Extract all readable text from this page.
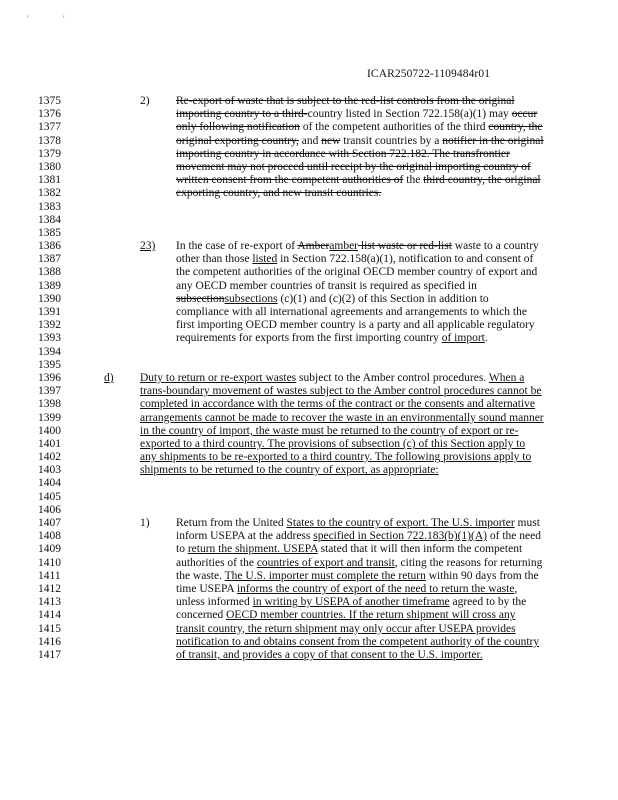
'	'
ICAR250722-1109484r01
1375
1376
1377
1378
1379
1380
1381
1382
1383
1384
1385
1386
1387
1388
1389
1390
1391
1392
1393
1394
1395
1396
1397
1398
1399
1400
1401
1402
1403
1404
1405
1406
1407
1408
1409
1410
1411
1412
1413
1414
1415
1416
1417
2) Re-export of waste that is subject to the red-list controls from the original importing country to a third-country listed in Section 722.158(a)(1) may occur only following notification of the competent authorities of the third country, the original exporting country, and new transit countries by a notifier in the original importing country in accordance with Section 722.182. The transfrontier movement may not proceed until receipt by the original importing country of written consent from the competent authorities of the third country, the original exporting country, and new transit countries.
23) In the case of re-export of Amberamber list waste or red-list waste to a country other than those listed in Section 722.158(a)(1), notification to and consent of the competent authorities of the original OECD member country of export and any OECD member countries of transit is required as specified in subsectionsubsections (c)(1) and (c)(2) of this Section in addition to compliance with all international agreements and arrangements to which the first importing OECD member country is a party and all applicable regulatory requirements for exports from the first importing country of import.
d) Duty to return or re-export wastes subject to the Amber control procedures. When a trans-boundary movement of wastes subject to the Amber control procedures cannot be completed in accordance with the terms of the contract or the consents and alternative arrangements cannot be made to recover the waste in an environmentally sound manner in the country of import, the waste must be returned to the country of export or re-exported to a third country. The provisions of subsection (c) of this Section apply to any shipments to be re-exported to a third country. The following provisions apply to shipments to be returned to the country of export, as appropriate:
1) Return from the United States to the country of export. The U.S. importer must inform USEPA at the address specified in Section 722.183(b)(1)(A) of the need to return the shipment. USEPA stated that it will then inform the competent authorities of the countries of export and transit, citing the reasons for returning the waste. The U.S. importer must complete the return within 90 days from the time USEPA informs the country of export of the need to return the waste, unless informed in writing by USEPA of another timeframe agreed to by the concerned OECD member countries. If the return shipment will cross any transit country, the return shipment may only occur after USEPA provides notification to and obtains consent from the competent authority of the country of transit, and provides a copy of that consent to the U.S. importer.
